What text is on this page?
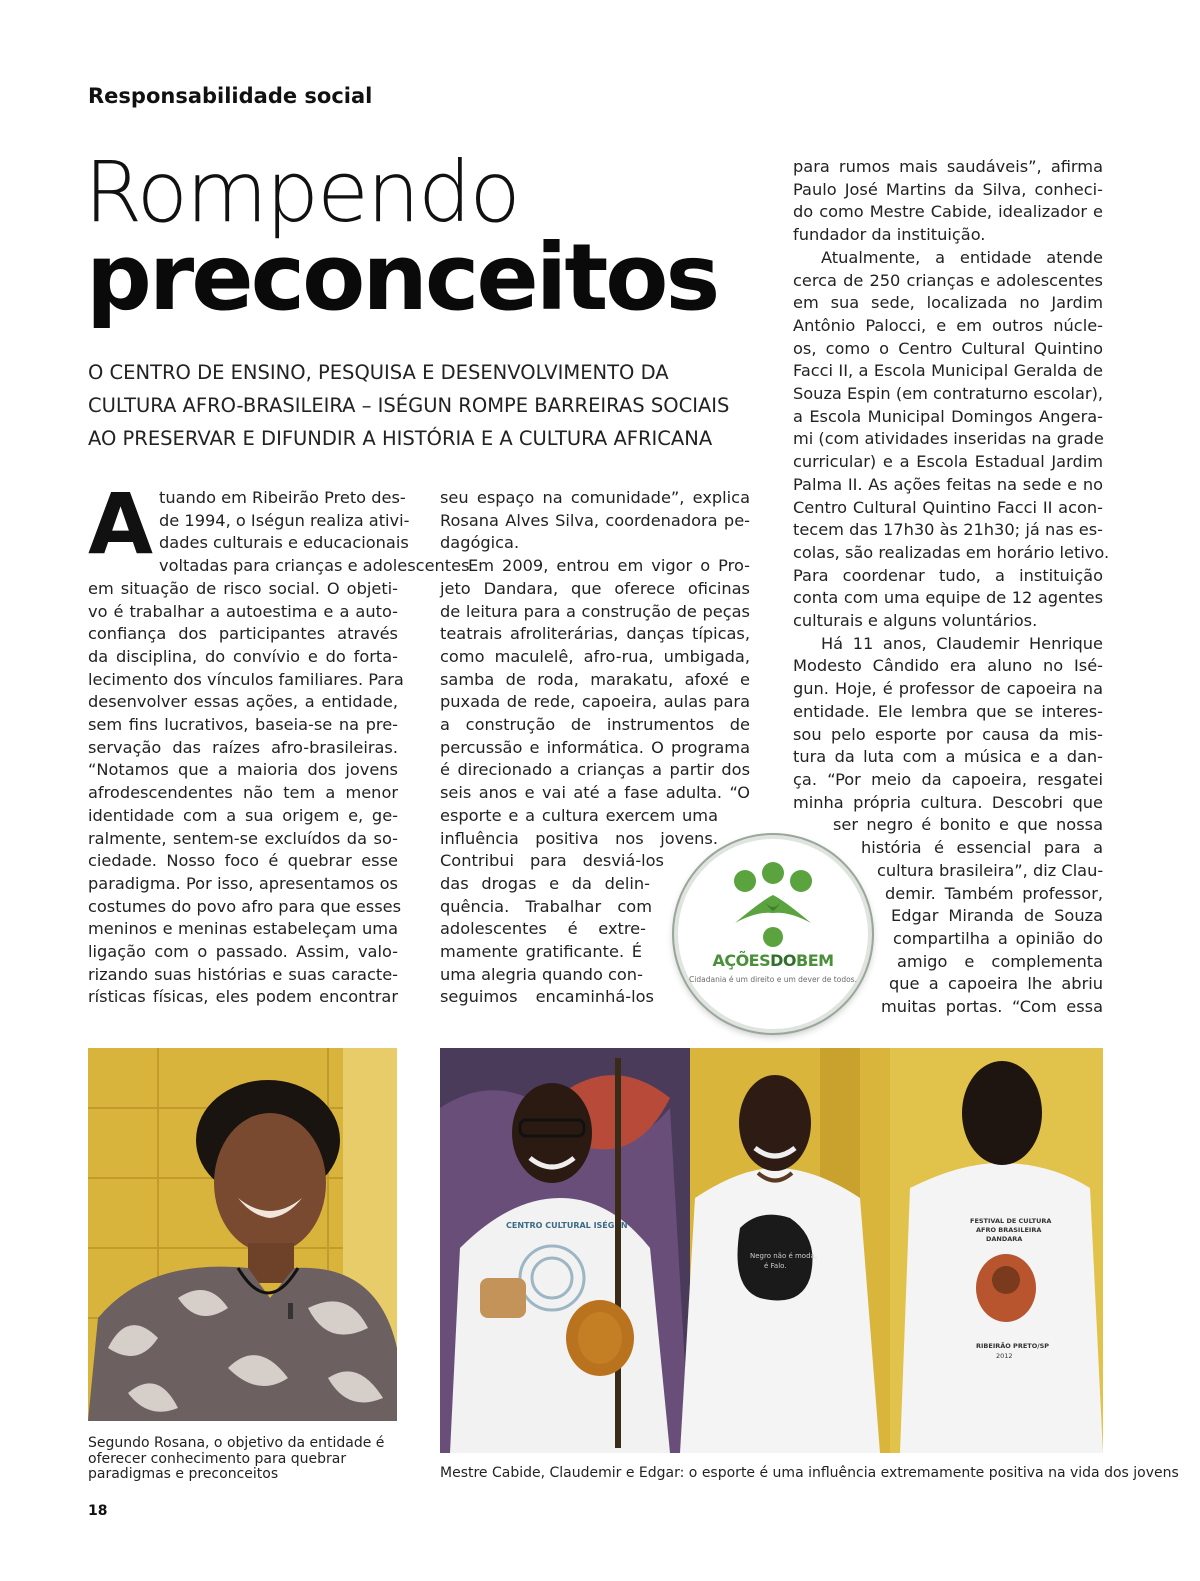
Responsabilidade social
Rompendo
preconceitos
O CENTRO DE ENSINO, PESQUISA E DESENVOLVIMENTO DA
CULTURA AFRO-BRASILEIRA – ISÉGUN ROMPE BARREIRAS SOCIAIS
AO PRESERVAR E DIFUNDIR A HISTÓRIA E A CULTURA AFRICANA
A tuando em Ribeirão Preto des-
de 1994, o Iségun realiza ativi-
dades culturais e educacionais
voltadas para crianças e adolescentes
em situação de risco social. O objeti-
vo é trabalhar a autoestima e a auto-
confiança dos participantes através
da disciplina, do convívio e do forta-
lecimento dos vínculos familiares. Para
desenvolver essas ações, a entidade,
sem fins lucrativos, baseia-se na pre-
servação das raízes afro-brasileiras.
“Notamos que a maioria dos jovens
afrodescendentes não tem a menor
identidade com a sua origem e, ge-
ralmente, sentem-se excluídos da so-
ciedade. Nosso foco é quebrar esse
paradigma. Por isso, apresentamos os
costumes do povo afro para que esses
meninos e meninas estabeleçam uma
ligação com o passado. Assim, valo-
rizando suas histórias e suas caracte-
rísticas físicas, eles podem encontrar
seu espaço na comunidade”, explica
Rosana Alves Silva, coordenadora pe-
dagógica.
Em 2009, entrou em vigor o Pro-
jeto Dandara, que oferece oficinas
de leitura para a construção de peças
teatrais afroliterárias, danças típicas,
como maculelê, afro-rua, umbigada,
samba de roda, marakatu, afoxé e
puxada de rede, capoeira, aulas para
a construção de instrumentos de
percussão e informática. O programa
é direcionado a crianças a partir dos
seis anos e vai até a fase adulta. “O
esporte e a cultura exercem uma
influência positiva nos jovens.
Contribui para desviá-los
das drogas e da delin-
quência. Trabalhar com
adolescentes é extre-
mamente gratificante. É
uma alegria quando con-
seguimos encaminhá-los
para rumos mais saudáveis”, afirma
Paulo José Martins da Silva, conheci-
do como Mestre Cabide, idealizador e
fundador da instituição.
Atualmente, a entidade atende
cerca de 250 crianças e adolescentes
em sua sede, localizada no Jardim
Antônio Palocci, e em outros núcle-
os, como o Centro Cultural Quintino
Facci II, a Escola Municipal Geralda de
Souza Espin (em contraturno escolar),
a Escola Municipal Domingos Angera-
mi (com atividades inseridas na grade
curricular) e a Escola Estadual Jardim
Palma II. As ações feitas na sede e no
Centro Cultural Quintino Facci II acon-
tecem das 17h30 às 21h30; já nas es-
colas, são realizadas em horário letivo.
Para coordenar tudo, a instituição
conta com uma equipe de 12 agentes
culturais e alguns voluntários.
Há 11 anos, Claudemir Henrique
Modesto Cândido era aluno no Isé-
gun. Hoje, é professor de capoeira na
entidade. Ele lembra que se interes-
sou pelo esporte por causa da mis-
tura da luta com a música e a dan-
ça. “Por meio da capoeira, resgatei
minha própria cultura. Descobri que
ser negro é bonito e que nossa
história é essencial para a
cultura brasileira”, diz Clau-
demir. Também professor,
Edgar Miranda de Souza
compartilha a opinião do
amigo e complementa
que a capoeira lhe abriu
muitas portas. “Com essa
AÇÕESDOBEM
Cidadania é um direito e um dever de todos.
CENTRO CULTURAL ISÉGUN
Negro não é moda,
é Falo.
FESTIVAL DE CULTURA
AFRO BRASILEIRA
DANDARA
RIBEIRÃO PRETO/SP
2012
Segundo Rosana, o objetivo da entidade é oferecer conhecimento para quebrar paradigmas e preconceitos	Mestre Cabide, Claudemir e Edgar: o esporte é uma influência extremamente positiva na vida dos jovens
18
